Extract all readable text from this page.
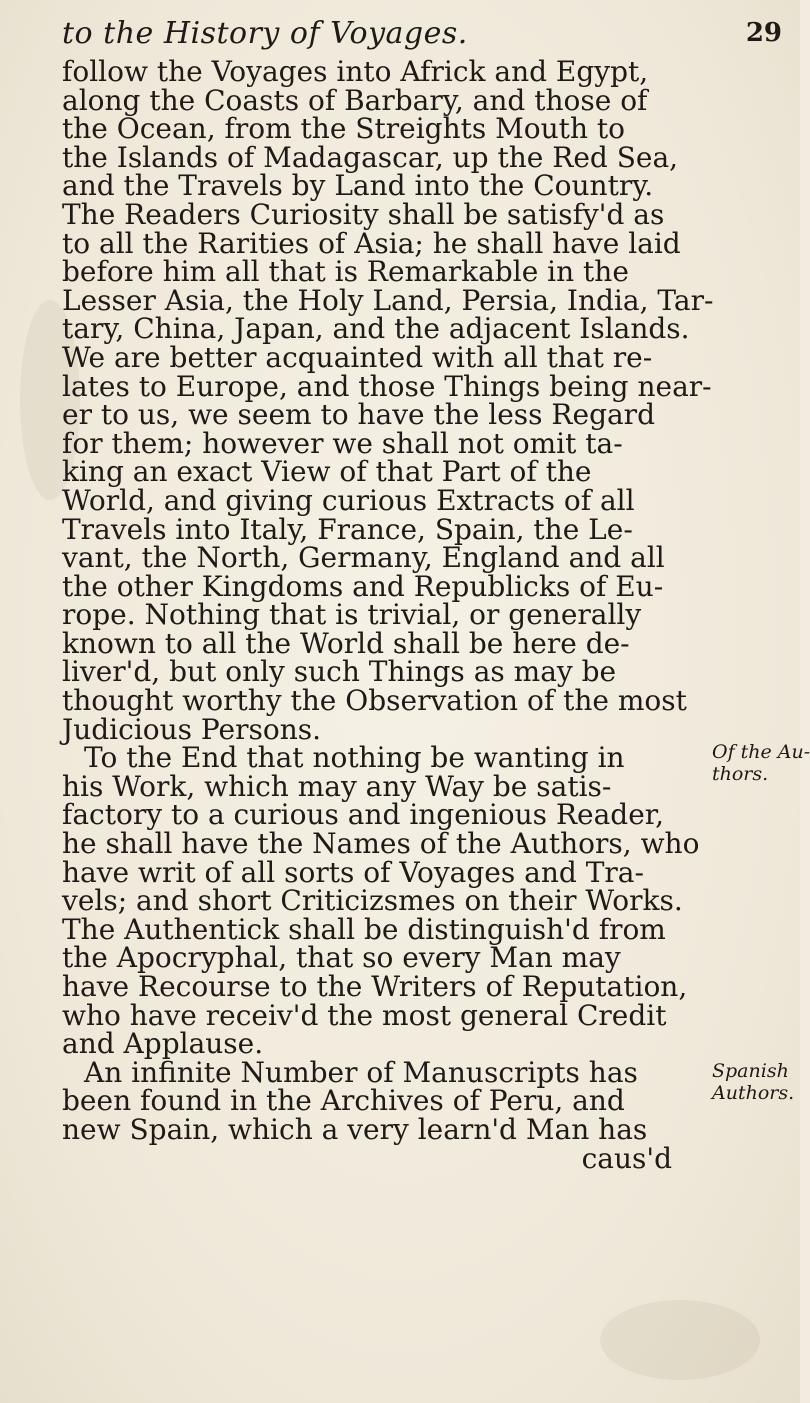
to the History of Voyages.	29
follow the Voyages into Africk and Egypt,
along the Coasts of Barbary, and those of
the Ocean, from the Streights Mouth to
the Islands of Madagascar, up the Red Sea,
and the Travels by Land into the Country.
The Readers Curiosity shall be satisfy'd as
to all the Rarities of Asia; he shall have laid
before him all that is Remarkable in the
Lesser Asia, the Holy Land, Persia, India, Tar-
tary, China, Japan, and the adjacent Islands.
We are better acquainted with all that re-
lates to Europe, and those Things being near-
er to us, we seem to have the less Regard
for them; however we shall not omit ta-
king an exact View of that Part of the
World, and giving curious Extracts of all
Travels into Italy, France, Spain, the Le-
vant, the North, Germany, England and all
the other Kingdoms and Republicks of Eu-
rope. Nothing that is trivial, or generally
known to all the World shall be here de-
liver'd, but only such Things as may be
thought worthy the Observation of the most
Judicious Persons.
To the End that nothing be wanting in
his Work, which may any Way be satis-
factory to a curious and ingenious Reader,
he shall have the Names of the Authors, who
have writ of all sorts of Voyages and Tra-
vels; and short Criticizsmes on their Works.
The Authentick shall be distinguish'd from
the Apocryphal, that so every Man may
have Recourse to the Writers of Reputation,
who have receiv'd the most general Credit
and Applause.
An infinite Number of Manuscripts has
been found in the Archives of Peru, and
new Spain, which a very learn'd Man has
caus'd
Of the Au-
thors.
Spanish
Authors.
